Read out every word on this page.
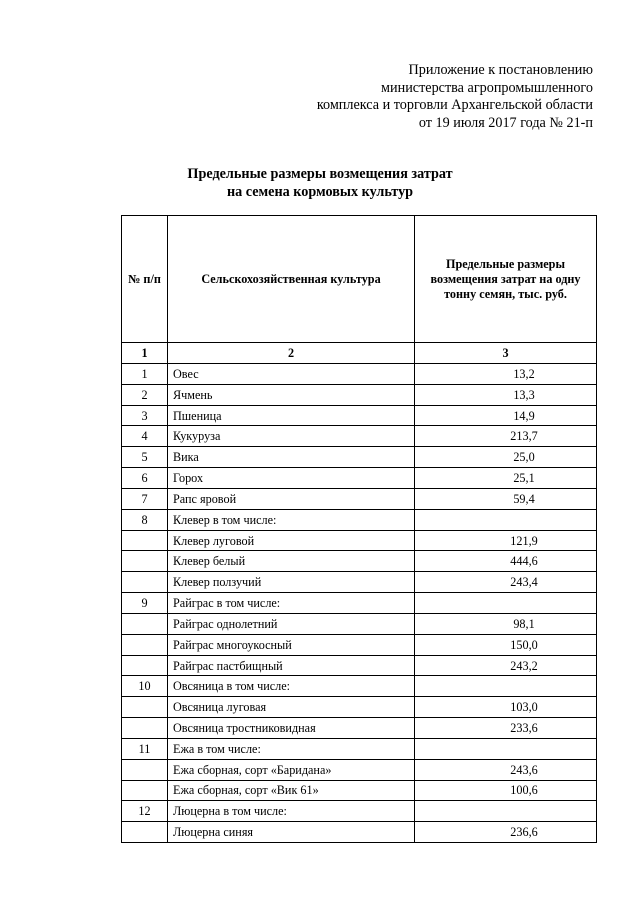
Приложение к постановлению
министерства агропромышленного
комплекса и торговли Архангельской области
от 19 июля 2017 года № 21-п
Предельные размеры возмещения затрат
на семена кормовых культур
№ п/п	Сельскохозяйственная культура	Предельные размеры возмещения затрат на одну тонну семян, тыс. руб.
1	2	3
1	Овес	13,2
2	Ячмень	13,3
3	Пшеница	14,9
4	Кукуруза	213,7
5	Вика	25,0
6	Горох	25,1
7	Рапс яровой	59,4
8	Клевер в том числе:	
	Клевер луговой	121,9
	Клевер белый	444,6
	Клевер ползучий	243,4
9	Райграс в том числе:	
	Райграс однолетний	98,1
	Райграс многоукосный	150,0
	Райграс пастбищный	243,2
10	Овсяница в том числе:	
	Овсяница луговая	103,0
	Овсяница тростниковидная	233,6
11	Ежа в том числе:	
	Ежа сборная, сорт «Баридана»	243,6
	Ежа сборная, сорт «Вик 61»	100,6
12	Люцерна в том числе:	
	Люцерна синяя	236,6
